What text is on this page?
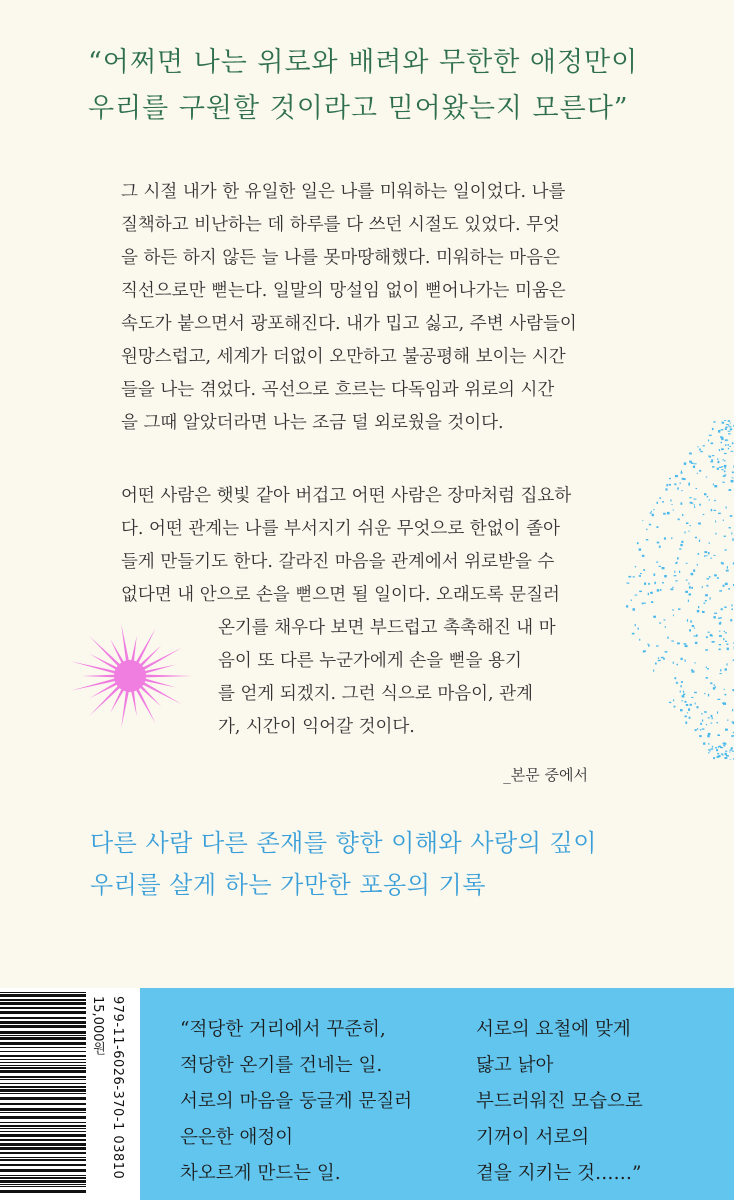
“어쩌면 나는 위로와 배려와 무한한 애정만이
우리를 구원할 것이라고 믿어왔는지 모른다”
그 시절 내가 한 유일한 일은 나를 미워하는 일이었다. 나를
질책하고 비난하는 데 하루를 다 쓰던 시절도 있었다. 무엇
을 하든 하지 않든 늘 나를 못마땅해했다. 미워하는 마음은
직선으로만 뻗는다. 일말의 망설임 없이 뻗어나가는 미움은
속도가 붙으면서 광포해진다. 내가 밉고 싫고, 주변 사람들이
원망스럽고, 세계가 더없이 오만하고 불공평해 보이는 시간
들을 나는 겪었다. 곡선으로 흐르는 다독임과 위로의 시간
을 그때 알았더라면 나는 조금 덜 외로웠을 것이다.
어떤 사람은 햇빛 같아 버겁고 어떤 사람은 장마처럼 집요하
다. 어떤 관계는 나를 부서지기 쉬운 무엇으로 한없이 졸아
들게 만들기도 한다. 갈라진 마음을 관계에서 위로받을 수
없다면 내 안으로 손을 뻗으면 될 일이다. 오래도록 문질러
온기를 채우다 보면 부드럽고 촉촉해진 내 마
음이 또 다른 누군가에게 손을 뻗을 용기
를 얻게 되겠지. 그런 식으로 마음이, 관계
가, 시간이 익어갈 것이다.
_본문 중에서
다른 사람 다른 존재를 향한 이해와 사랑의 깊이
우리를 살게 하는 가만한 포옹의 기록
15,000원 979-11-6026-370-1 03810	“적당한 거리에서 꾸준히,
적당한 온기를 건네는 일.
서로의 마음을 둥글게 문질러
은은한 애정이
차오르게 만드는 일.
서로의 요철에 맞게
닳고 낡아
부드러워진 모습으로
기꺼이 서로의
곁을 지키는 것……”
